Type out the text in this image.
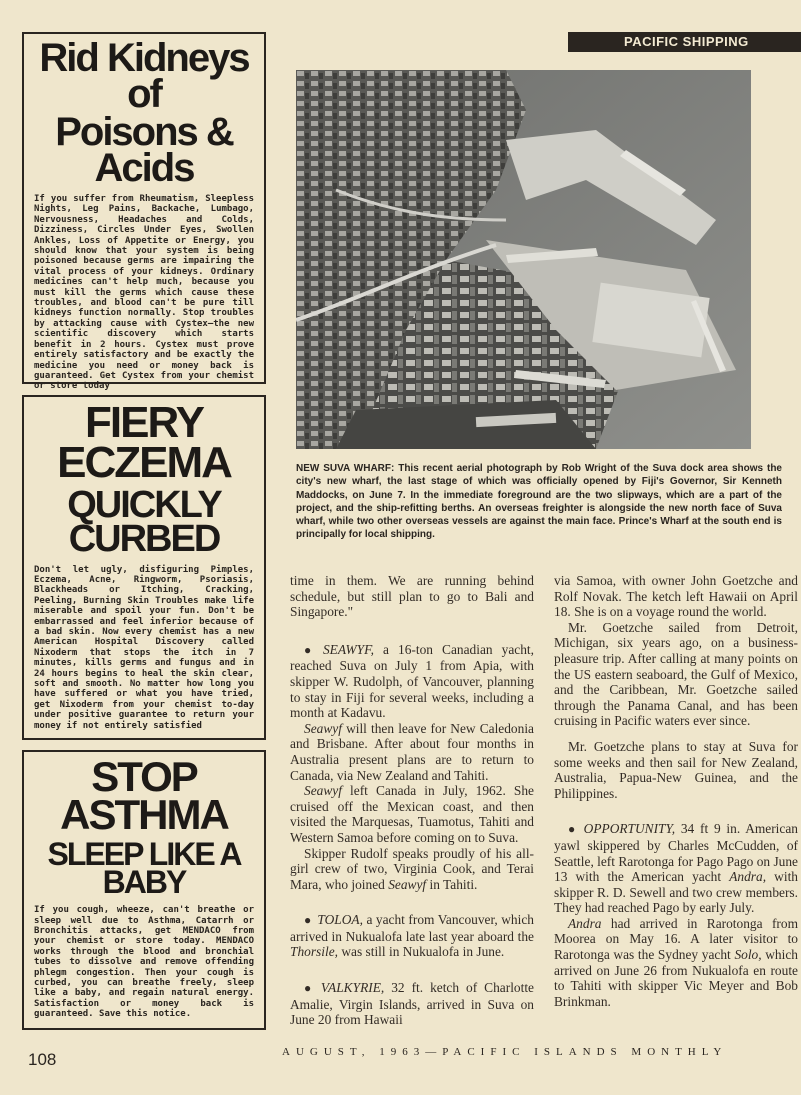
PACIFIC SHIPPING
Rid Kidneys of
Poisons & Acids
If you suffer from Rheumatism, Sleepless Nights, Leg Pains, Backache, Lumbago, Nervousness, Headaches and Colds, Dizziness, Circles Under Eyes, Swollen Ankles, Loss of Appetite or Energy, you should know that your system is being poisoned because germs are impairing the vital process of your kidneys. Ordinary medicines can't help much, because you must kill the germs which cause these troubles, and blood can't be pure till kidneys function normally. Stop troubles by attacking cause with Cystex—the new scientific discovery which starts benefit in 2 hours. Cystex must prove entirely satisfactory and be exactly the medicine you need or money back is guaranteed. Get Cystex from your chemist or store today
FIERY ECZEMA
QUICKLY CURBED
Don't let ugly, disfiguring Pimples, Eczema, Acne, Ringworm, Psoriasis, Blackheads or Itching, Cracking, Peeling, Burning Skin Troubles make life miserable and spoil your fun. Don't be embarrassed and feel inferior because of a bad skin. Now every chemist has a new American Hospital Discovery called Nixoderm that stops the itch in 7 minutes, kills germs and fungus and in 24 hours begins to heal the skin clear, soft and smooth. No matter how long you have suffered or what you have tried, get Nixoderm from your chemist to-day under positive guarantee to return your money if not entirely satisfied
STOP ASTHMA
SLEEP LIKE A BABY
If you cough, wheeze, can't breathe or sleep well due to Asthma, Catarrh or Bronchitis attacks, get MENDACO from your chemist or store today. MENDACO works through the blood and bronchial tubes to dissolve and remove offending phlegm congestion. Then your cough is curbed, you can breathe freely, sleep like a baby, and regain natural energy. Satisfaction or money back is guaranteed. Save this notice.
NEW SUVA WHARF: This recent aerial photograph by Rob Wright of the Suva dock area shows the city's new wharf, the last stage of which was officially opened by Fiji's Governor, Sir Kenneth Maddocks, on June 7. In the immediate foreground are the two slipways, which are a part of the project, and the ship-refitting berths. An overseas freighter is alongside the new north face of Suva wharf, while two other overseas vessels are against the main face. Prince's Wharf at the south end is principally for local shipping.

time in them. We are running behind schedule, but still plan to go to Bali and Singapore."

● SEAWYF, a 16-ton Canadian yacht, reached Suva on July 1 from Apia, with skipper W. Rudolph, of Vancouver, planning to stay in Fiji for several weeks, including a month at Kadavu.

Seawyf will then leave for New Caledonia and Brisbane. After about four months in Australia present plans are to return to Canada, via New Zealand and Tahiti.

Seawyf left Canada in July, 1962. She cruised off the Mexican coast, and then visited the Marquesas, Tuamotus, Tahiti and Western Samoa before coming on to Suva.

Skipper Rudolf speaks proudly of his all-girl crew of two, Virginia Cook, and Terai Mara, who joined Seawyf in Tahiti.

● TOLOA, a yacht from Vancouver, which arrived in Nukualofa late last year aboard the Thorsile, was still in Nukualofa in June.

● VALKYRIE, 32 ft. ketch of Charlotte Amalie, Virgin Islands, arrived in Suva on June 20 from Hawaii

via Samoa, with owner John Goetzche and Rolf Novak. The ketch left Hawaii on April 18. She is on a voyage round the world.

Mr. Goetzche sailed from Detroit, Michigan, six years ago, on a business-pleasure trip. After calling at many points on the US eastern seaboard, the Gulf of Mexico, and the Caribbean, Mr. Goetzche sailed through the Panama Canal, and has been cruising in Pacific waters ever since.

Mr. Goetzche plans to stay at Suva for some weeks and then sail for New Zealand, Australia, Papua-New Guinea, and the Philippines.

● OPPORTUNITY, 34 ft 9 in. American yawl skippered by Charles McCudden, of Seattle, left Rarotonga for Pago Pago on June 13 with the American yacht Andra, with skipper R. D. Sewell and two crew members. They had reached Pago by early July.

Andra had arrived in Rarotonga from Moorea on May 16. A later visitor to Rarotonga was the Sydney yacht Solo, which arrived on June 26 from Nukualofa en route to Tahiti with skipper Vic Meyer and Bob Brinkman.

108	AUGUST, 1963—PACIFIC ISLANDS MONTHLY
